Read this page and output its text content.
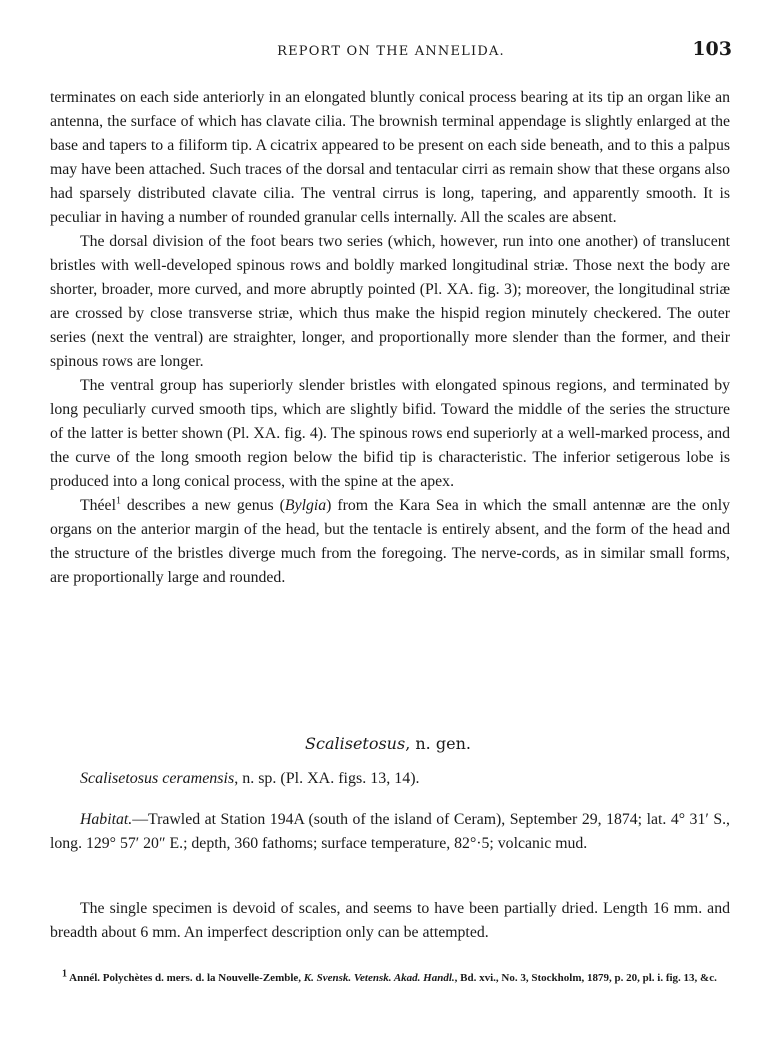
REPORT ON THE ANNELIDA.	103

terminates on each side anteriorly in an elongated bluntly conical process bearing at its tip an organ like an antenna, the surface of which has clavate cilia. The brownish terminal appendage is slightly enlarged at the base and tapers to a filiform tip. A cicatrix appeared to be present on each side beneath, and to this a palpus may have been attached. Such traces of the dorsal and tentacular cirri as remain show that these organs also had sparsely distributed clavate cilia. The ventral cirrus is long, tapering, and apparently smooth. It is peculiar in having a number of rounded granular cells internally. All the scales are absent.

The dorsal division of the foot bears two series (which, however, run into one another) of translucent bristles with well-developed spinous rows and boldly marked longitudinal striæ. Those next the body are shorter, broader, more curved, and more abruptly pointed (Pl. XA. fig. 3); moreover, the longitudinal striæ are crossed by close transverse striæ, which thus make the hispid region minutely checkered. The outer series (next the ventral) are straighter, longer, and proportionally more slender than the former, and their spinous rows are longer.

The ventral group has superiorly slender bristles with elongated spinous regions, and terminated by long peculiarly curved smooth tips, which are slightly bifid. Toward the middle of the series the structure of the latter is better shown (Pl. XA. fig. 4). The spinous rows end superiorly at a well-marked process, and the curve of the long smooth region below the bifid tip is characteristic. The inferior setigerous lobe is produced into a long conical process, with the spine at the apex.

Théel$^1$ describes a new genus (Bylgia) from the Kara Sea in which the small antennæ are the only organs on the anterior margin of the head, but the tentacle is entirely absent, and the form of the head and the structure of the bristles diverge much from the foregoing. The nerve-cords, as in similar small forms, are proportionally large and rounded.

Scalisetosus, n. gen.
Scalisetosus ceramensis, n. sp. (Pl. XA. figs. 13, 14).

Habitat.—Trawled at Station 194A (south of the island of Ceram), September 29, 1874; lat. 4° 31′ S., long. 129° 57′ 20″ E.; depth, 360 fathoms; surface temperature, 82°·5; volcanic mud.

The single specimen is devoid of scales, and seems to have been partially dried. Length 16 mm. and breadth about 6 mm. An imperfect description only can be attempted.

$^1$ Annél. Polychètes d. mers. d. la Nouvelle-Zemble, K. Svensk. Vetensk. Akad. Handl., Bd. xvi., No. 3, Stockholm, 1879, p. 20, pl. i. fig. 13, &c.
